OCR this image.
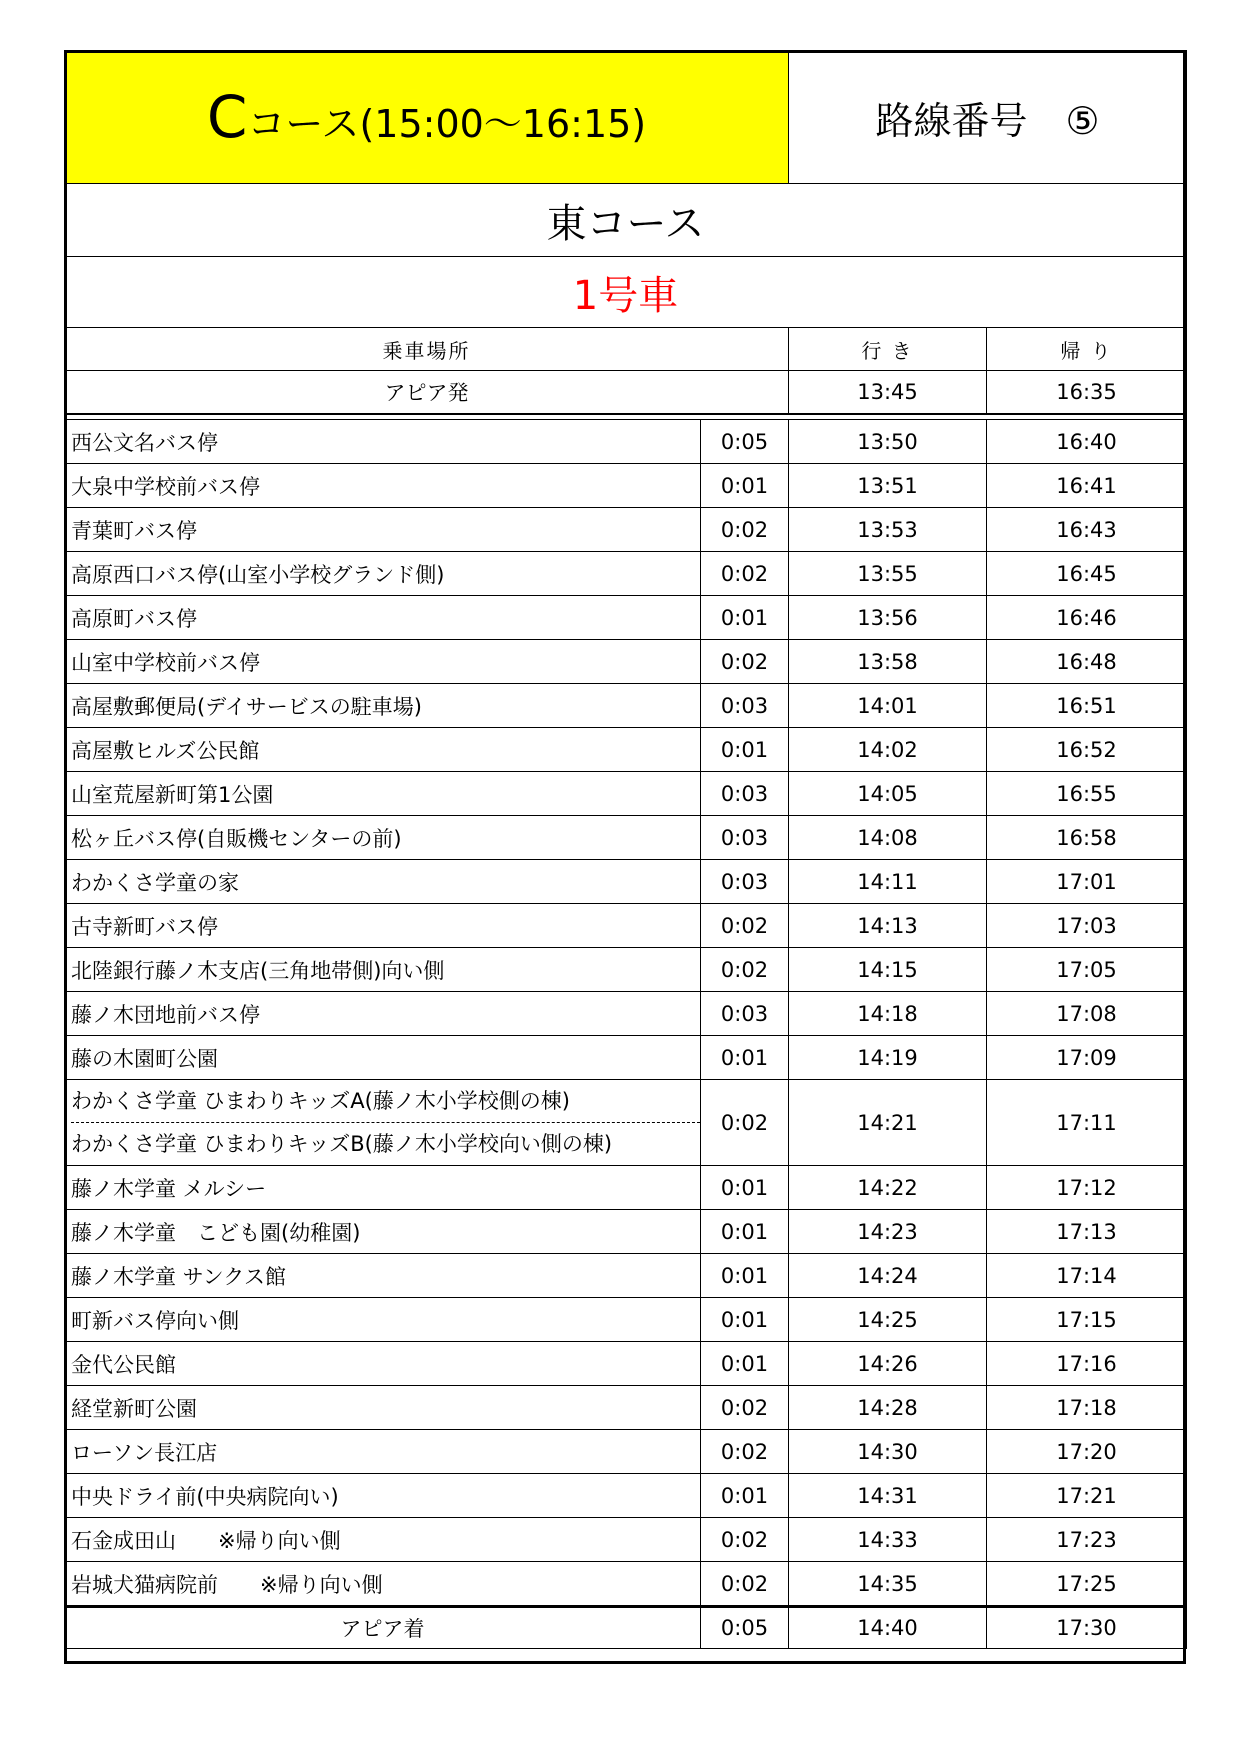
Cコース(15:00～16:15)		路線番号　⑤	
東コース			
1号車			
乗車場所		行 き	帰 り
アピア発		13:45	16:35

西公文名バス停	0:05	13:50	16:40
大泉中学校前バス停	0:01	13:51	16:41
青葉町バス停	0:02	13:53	16:43
高原西口バス停(山室小学校グランド側)	0:02	13:55	16:45
高原町バス停	0:01	13:56	16:46
山室中学校前バス停	0:02	13:58	16:48
高屋敷郵便局(デイサービスの駐車場)	0:03	14:01	16:51
高屋敷ヒルズ公民館	0:01	14:02	16:52
山室荒屋新町第1公園	0:03	14:05	16:55
松ヶ丘バス停(自販機センターの前)	0:03	14:08	16:58
わかくさ学童の家	0:03	14:11	17:01
古寺新町バス停	0:02	14:13	17:03
北陸銀行藤ノ木支店(三角地帯側)向い側	0:02	14:15	17:05
藤ノ木団地前バス停	0:03	14:18	17:08
藤の木園町公園	0:01	14:19	17:09

わかくさ学童 ひまわりキッズA(藤ノ木小学校側の棟)
わかくさ学童 ひまわりキッズB(藤ノ木小学校向い側の棟)	0:02	14:21	17:11
藤ノ木学童 メルシー	0:01	14:22	17:12
藤ノ木学童　こども園(幼稚園)	0:01	14:23	17:13
藤ノ木学童 サンクス館	0:01	14:24	17:14
町新バス停向い側	0:01	14:25	17:15
金代公民館	0:01	14:26	17:16
経堂新町公園	0:02	14:28	17:18
ローソン長江店	0:02	14:30	17:20
中央ドライ前(中央病院向い)	0:01	14:31	17:21
石金成田山　　※帰り向い側	0:02	14:33	17:23
岩城犬猫病院前　　※帰り向い側	0:02	14:35	17:25
アピア着	0:05	14:40	17:30
